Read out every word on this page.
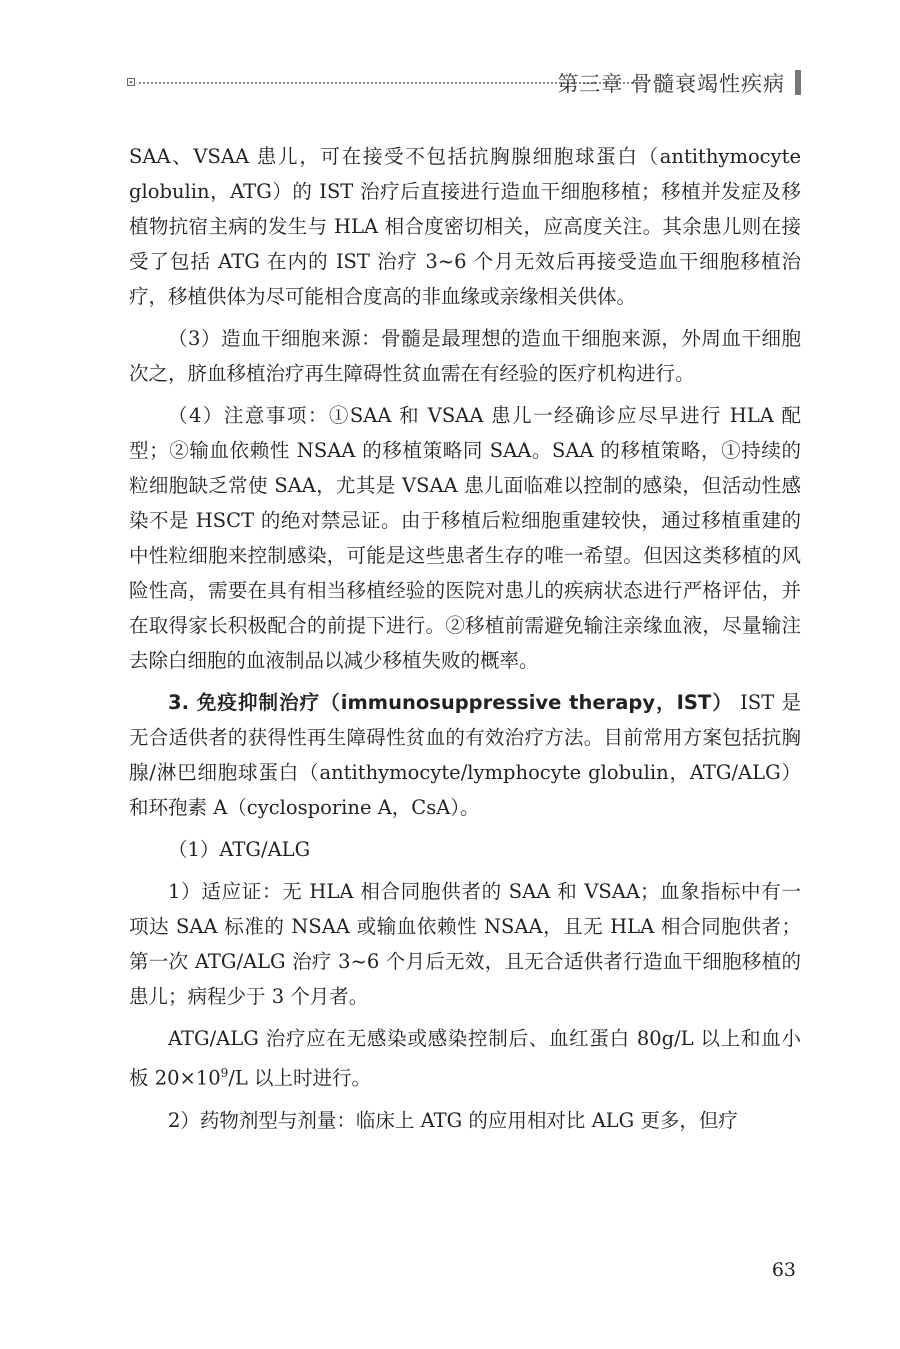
第三章 骨髓衰竭性疾病

SAA、VSAA 患儿，可在接受不包括抗胸腺细胞球蛋白（antithymocyte globulin，ATG）的 IST 治疗后直接进行造血干细胞移植；移植并发症及移植物抗宿主病的发生与 HLA 相合度密切相关，应高度关注。其余患儿则在接受了包括 ATG 在内的 IST 治疗 3~6 个月无效后再接受造血干细胞移植治疗，移植供体为尽可能相合度高的非血缘或亲缘相关供体。

（3）造血干细胞来源：骨髓是最理想的造血干细胞来源，外周血干细胞次之，脐血移植治疗再生障碍性贫血需在有经验的医疗机构进行。

（4）注意事项：①SAA 和 VSAA 患儿一经确诊应尽早进行 HLA 配型；②输血依赖性 NSAA 的移植策略同 SAA。SAA 的移植策略，①持续的粒细胞缺乏常使 SAA，尤其是 VSAA 患儿面临难以控制的感染，但活动性感染不是 HSCT 的绝对禁忌证。由于移植后粒细胞重建较快，通过移植重建的中性粒细胞来控制感染，可能是这些患者生存的唯一希望。但因这类移植的风险性高，需要在具有相当移植经验的医院对患儿的疾病状态进行严格评估，并在取得家长积极配合的前提下进行。②移植前需避免输注亲缘血液，尽量输注去除白细胞的血液制品以减少移植失败的概率。

3. 免疫抑制治疗（immunosuppressive therapy，IST） IST 是无合适供者的获得性再生障碍性贫血的有效治疗方法。目前常用方案包括抗胸腺/淋巴细胞球蛋白（antithymocyte/lymphocyte globulin，ATG/ALG）和环孢素 A（cyclosporine A，CsA）。

（1）ATG/ALG

1）适应证：无 HLA 相合同胞供者的 SAA 和 VSAA；血象指标中有一项达 SAA 标准的 NSAA 或输血依赖性 NSAA，且无 HLA 相合同胞供者；第一次 ATG/ALG 治疗 3~6 个月后无效，且无合适供者行造血干细胞移植的患儿；病程少于 3 个月者。

ATG/ALG 治疗应在无感染或感染控制后、血红蛋白 80g/L 以上和血小板 $20\times 10^9/L$ 以上时进行。

2）药物剂型与剂量：临床上 ATG 的应用相对比 ALG 更多，但疗

63
